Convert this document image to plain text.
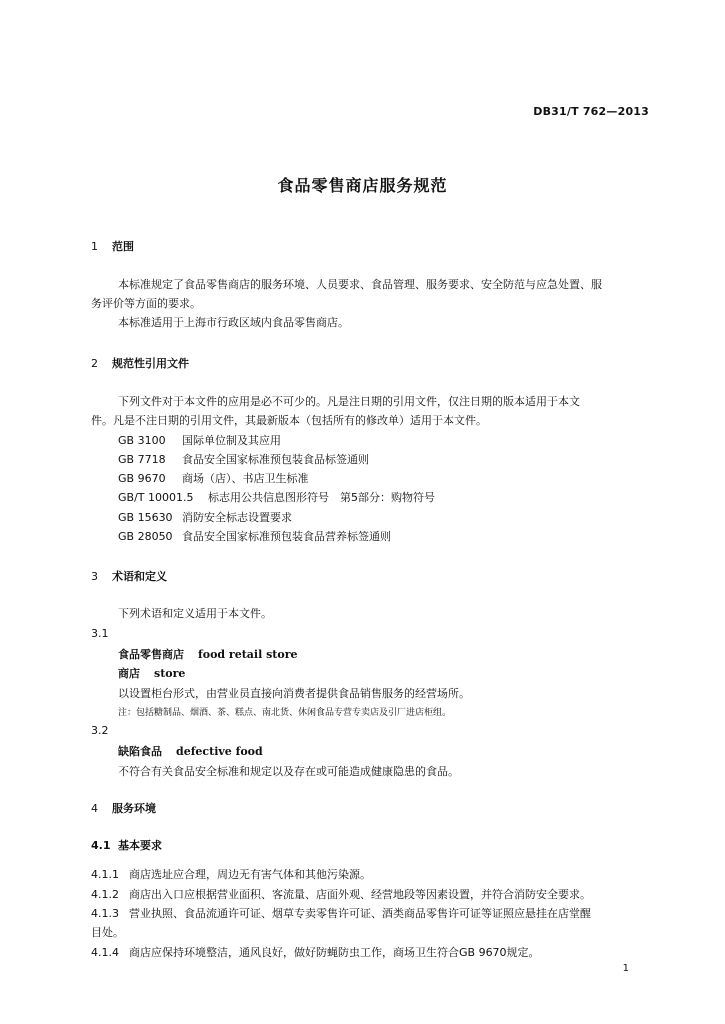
DB31/T 762—2013
食品零售商店服务规范
1 范围
本标准规定了食品零售商店的服务环境、人员要求、食品管理、服务要求、安全防范与应急处置、服
务评价等方面的要求。
本标准适用于上海市行政区域内食品零售商店。
2 规范性引用文件
下列文件对于本文件的应用是必不可少的。凡是注日期的引用文件，仅注日期的版本适用于本文
件。凡是不注日期的引用文件，其最新版本（包括所有的修改单）适用于本文件。
GB 3100 国际单位制及其应用
GB 7718 食品安全国家标准预包装食品标签通则
GB 9670 商场（店）、书店卫生标准
GB/T 10001.5 标志用公共信息图形符号　第5部分：购物符号
GB 15630 消防安全标志设置要求
GB 28050 食品安全国家标准预包装食品营养标签通则
3 术语和定义
下列术语和定义适用于本文件。
3.1
食品零售商店 food retail store
商店 store
以设置柜台形式，由营业员直接向消费者提供食品销售服务的经营场所。
注：包括糖制品、烟酒、茶、糕点、南北货、休闲食品专营专卖店及引厂进店柜组。
3.2
缺陷食品 defective food
不符合有关食品安全标准和规定以及存在或可能造成健康隐患的食品。
4 服务环境
4.1 基本要求
4.1.1 商店选址应合理，周边无有害气体和其他污染源。
4.1.2 商店出入口应根据营业面积、客流量、店面外观、经营地段等因素设置，并符合消防安全要求。
4.1.3 营业执照、食品流通许可证、烟草专卖零售许可证、酒类商品零售许可证等证照应悬挂在店堂醒
目处。
4.1.4 商店应保持环境整洁，通风良好，做好防蝇防虫工作，商场卫生符合GB 9670规定。
1
